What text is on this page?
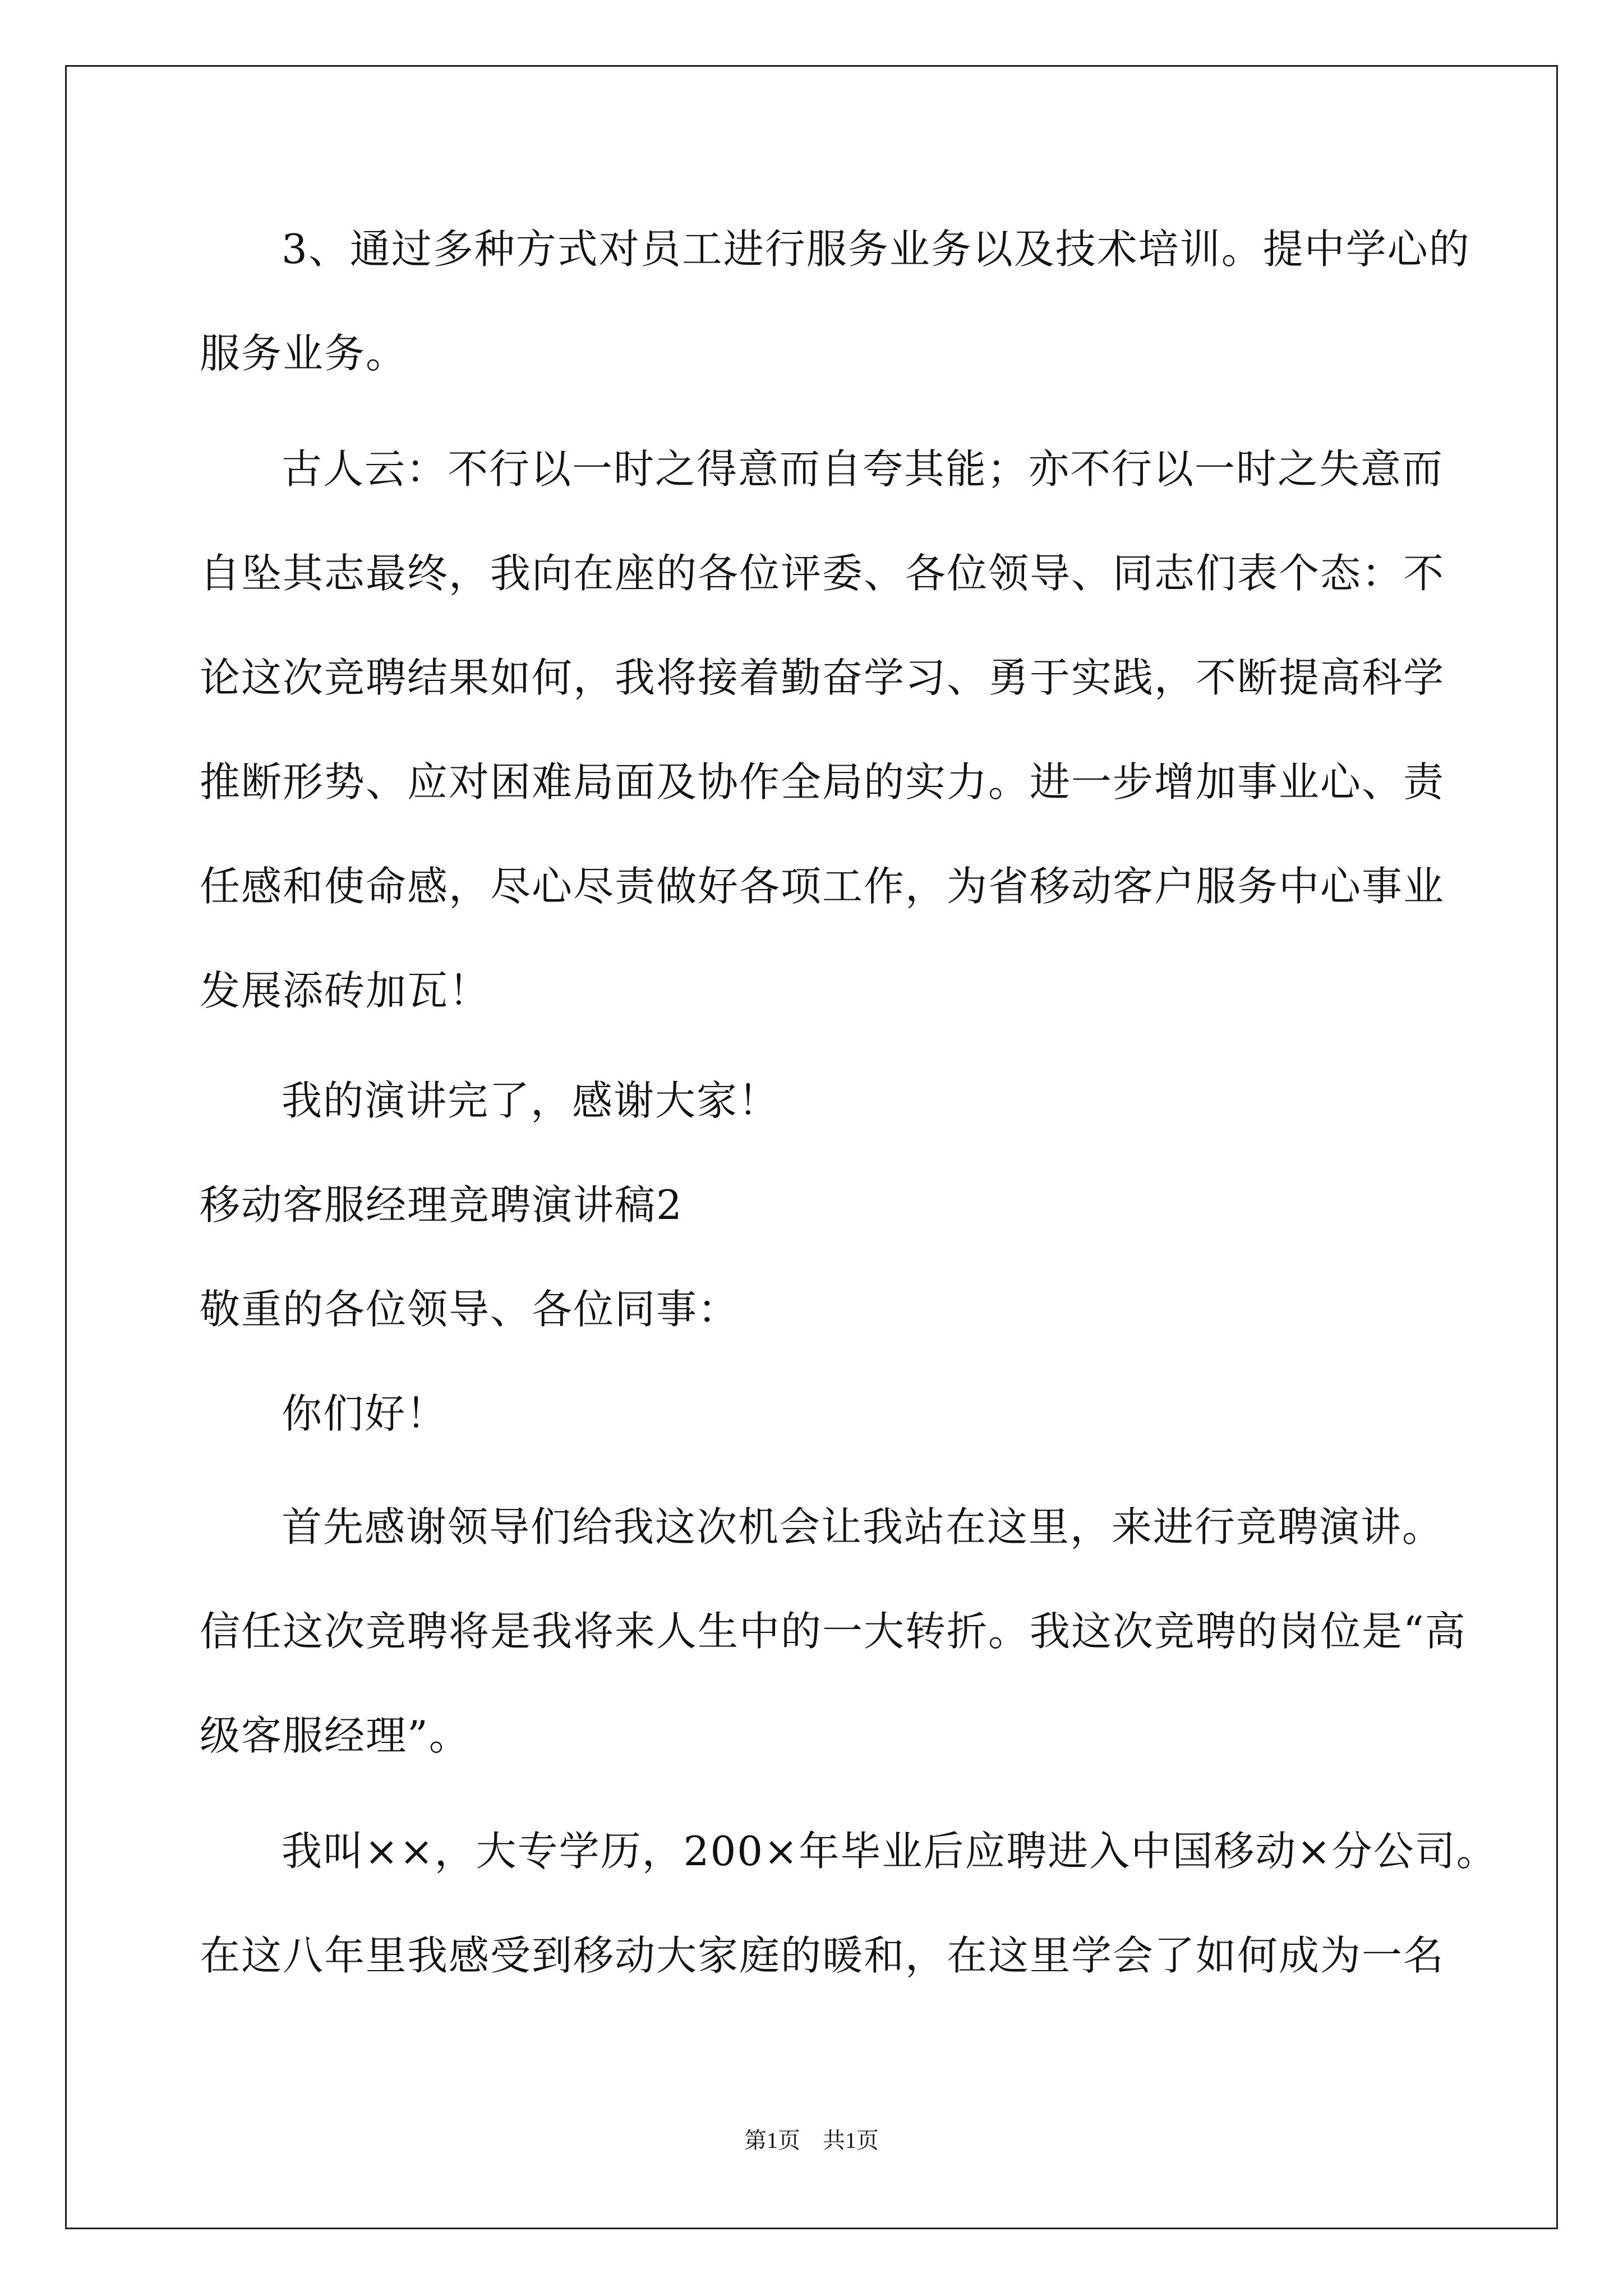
3、通过多种方式对员工进行服务业务以及技术培训。提中学心的
服务业务。
古人云：不行以一时之得意而自夸其能；亦不行以一时之失意而
自坠其志最终，我向在座的各位评委、各位领导、同志们表个态：不
论这次竞聘结果如何，我将接着勤奋学习、勇于实践，不断提高科学
推断形势、应对困难局面及协作全局的实力。进一步增加事业心、责
任感和使命感，尽心尽责做好各项工作，为省移动客户服务中心事业
发展添砖加瓦！
我的演讲完了，感谢大家！
移动客服经理竞聘演讲稿2
敬重的各位领导、各位同事：
你们好！
首先感谢领导们给我这次机会让我站在这里，来进行竞聘演讲。
信任这次竞聘将是我将来人生中的一大转折。我这次竞聘的岗位是“高
级客服经理”。
我叫××，大专学历，200×年毕业后应聘进入中国移动×分公司。
在这八年里我感受到移动大家庭的暖和，在这里学会了如何成为一名
第1页　共1页
